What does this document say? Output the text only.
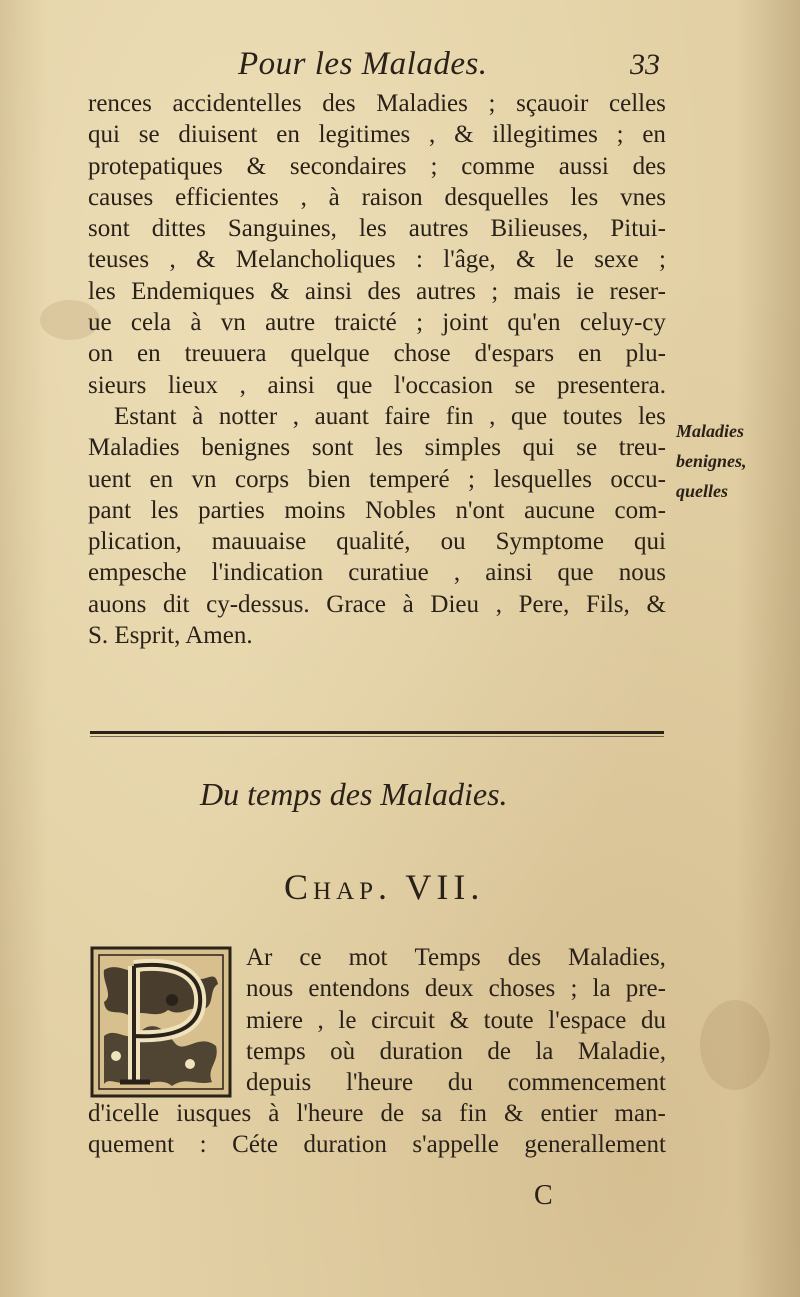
Pour les Malades.	33
rences accidentelles des Maladies ; sçauoir celles
qui se diuisent en legitimes , & illegitimes ; en
protepatiques & secondaires ; comme aussi des
causes efficientes , à raison desquelles les vnes
sont dittes Sanguines, les autres Bilieuses, Pitui-
teuses , & Melancholiques : l'âge, & le sexe ;
les Endemiques & ainsi des autres ; mais ie reser-
ue cela à vn autre traicté ; joint qu'en celuy-cy
on en treuuera quelque chose d'espars en plu-
sieurs lieux , ainsi que l'occasion se presentera.
Estant à notter , auant faire fin , que toutes les
Maladies benignes sont les simples qui se treu-
uent en vn corps bien temperé ; lesquelles occu-
pant les parties moins Nobles n'ont aucune com-
plication, mauuaise qualité, ou Symptome qui
empesche l'indication curatiue , ainsi que nous
auons dit cy-dessus. Grace à Dieu , Pere, Fils, &
S. Esprit, Amen.
Maladies
benignes,
quelles
Du temps des Maladies.
Chap. VII.
Ar ce mot Temps des Maladies,
nous entendons deux choses ; la pre-
miere , le circuit & toute l'espace du
temps où duration de la Maladie,
depuis l'heure du commencement
d'icelle iusques à l'heure de sa fin & entier man-
quement : Céte duration s'appelle generallement
C
